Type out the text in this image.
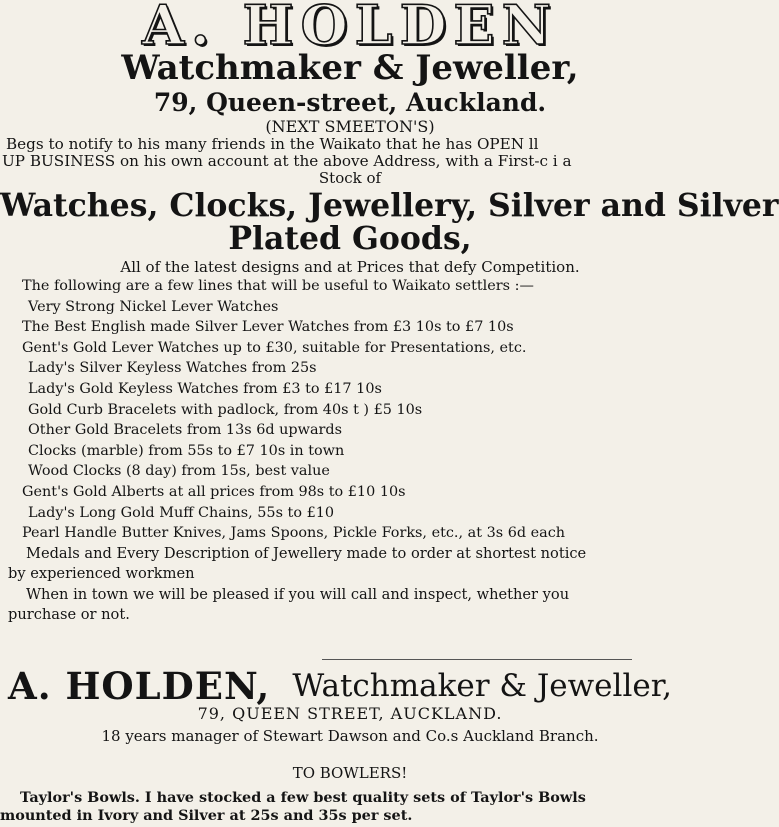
A. HOLDEN
Watchmaker & Jeweller,
79, Queen-street, Auckland.
(NEXT SMEETON'S)
Begs to notify to his many friends in the Waikato that he has OPEN ll
UP BUSINESS on his own account at the above Address, with a First-c i a
Stock of
Watches, Clocks, Jewellery, Silver and Silver
Plated Goods,
All of the latest designs and at Prices that defy Competition.
The following are a few lines that will be useful to Waikato settlers :—
Very Strong Nickel Lever Watches
The Best English made Silver Lever Watches from £3 10s to £7 10s
Gent's Gold Lever Watches up to £30, suitable for Presentations, etc.
Lady's Silver Keyless Watches from 25s
Lady's Gold Keyless Watches from £3 to £17 10s
Gold Curb Bracelets with padlock, from 40s t ) £5 10s
Other Gold Bracelets from 13s 6d upwards
Clocks (marble) from 55s to £7 10s in town
Wood Clocks (8 day) from 15s, best value
Gent's Gold Alberts at all prices from 98s to £10 10s
Lady's Long Gold Muff Chains, 55s to £10
Pearl Handle Butter Knives, Jams Spoons, Pickle Forks, etc., at 3s 6d each
Medals and Every Description of Jewellery made to order at shortest notice
by experienced workmen
When in town we will be pleased if you will call and inspect, whether you
purchase or not.
A. HOLDEN, Watchmaker & Jeweller,
79, QUEEN STREET, AUCKLAND.
18 years manager of Stewart Dawson and Co.s Auckland Branch.
TO BOWLERS!
Taylor's Bowls. I have stocked a few best quality sets of Taylor's Bowls
mounted in Ivory and Silver at 25s and 35s per set.
